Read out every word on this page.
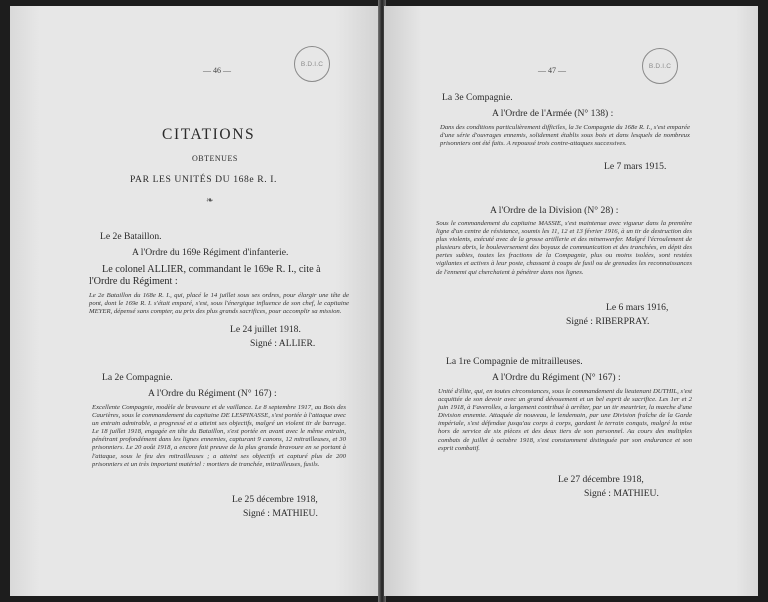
— 46 —
B.D.I.C
CITATIONS
OBTENUES
PAR LES UNITÉS DU 168e R. I.
❧
Le 2e Bataillon.
A l'Ordre du 169e Régiment d'infanterie.
Le colonel ALLIER, commandant le 169e R. I., cite à
l'Ordre du Régiment :
Le 2e Bataillon du 168e R. I., qui, placé le 14 juillet sous ses ordres, pour élargir une tête de pont, dont le 169e R. I. s'était emparé, s'est, sous l'énergique influence de son chef, le capitaine MEYER, dépensé sans compter, au prix des plus grands sacrifices, pour accomplir sa mission.
Le 24 juillet 1918.
Signé : ALLIER.
La 2e Compagnie.
A l'Ordre du Régiment (N° 167) :
Excellente Compagnie, modèle de bravoure et de vaillance. Le 8 septembre 1917, au Bois des Caurières, sous le commandement du capitaine DE LESPINASSE, s'est portée à l'attaque avec un entrain admirable, a progressé et a atteint ses objectifs, malgré un violent tir de barrage. Le 18 juillet 1918, engagée en tête du Bataillon, s'est portée en avant avec le même entrain, pénétrant profondément dans les lignes ennemies, capturant 9 canons, 12 mitrailleuses, et 30 prisonniers. Le 20 août 1918, a encore fait preuve de la plus grande bravoure en se portant à l'attaque, sous le feu des mitrailleuses ; a atteint ses objectifs et capturé plus de 200 prisonniers et un très important matériel : mortiers de tranchée, mitrailleuses, fusils.
Le 25 décembre 1918,
Signé : MATHIEU.
— 47 —	B.D.I.C
La 3e Compagnie.
A l'Ordre de l'Armée (N° 138) :
Dans des conditions particulièrement difficiles, la 3e Compagnie du 168e R. I., s'est emparée d'une série d'ouvrages ennemis, solidement établis sous bois et dans lesquels de nombreux prisonniers ont été faits. A repoussé trois contre-attaques successives.
Le 7 mars 1915.
A l'Ordre de la Division (N° 28) :
Sous le commandement du capitaine MASSIE, s'est maintenue avec vigueur dans la première ligne d'un centre de résistance, soumis les 11, 12 et 13 février 1916, à un tir de destruction des plus violents, exécuté avec de la grosse artillerie et des minenwerfer. Malgré l'écroulement de plusieurs abris, le bouleversement des boyaux de communication et des tranchées, en dépit des pertes subies, toutes les fractions de la Compagnie, plus ou moins isolées, sont restées vigilantes et actives à leur poste, chassant à coups de fusil ou de grenades les reconnaissances de l'ennemi qui cherchaient à pénétrer dans nos lignes.
Le 6 mars 1916,
Signé : RIBERPRAY.
La 1re Compagnie de mitrailleuses.
A l'Ordre du Régiment (N° 167) :
Unité d'élite, qui, en toutes circonstances, sous le commandement du lieutenant DUTHIL, s'est acquittée de son devoir avec un grand dévouement et un bel esprit de sacrifice. Les 1er et 2 juin 1918, à Faverolles, a largement contribué à arrêter, par un tir meurtrier, la marche d'une Division ennemie. Attaquée de nouveau, le lendemain, par une Division fraîche de la Garde impériale, s'est défendue jusqu'au corps à corps, gardant le terrain conquis, malgré la mise hors de service de six pièces et des deux tiers de son personnel. Au cours des multiples combats de juillet à octobre 1918, s'est constamment distinguée par son endurance et son esprit combatif.
Le 27 décembre 1918,
Signé : MATHIEU.
